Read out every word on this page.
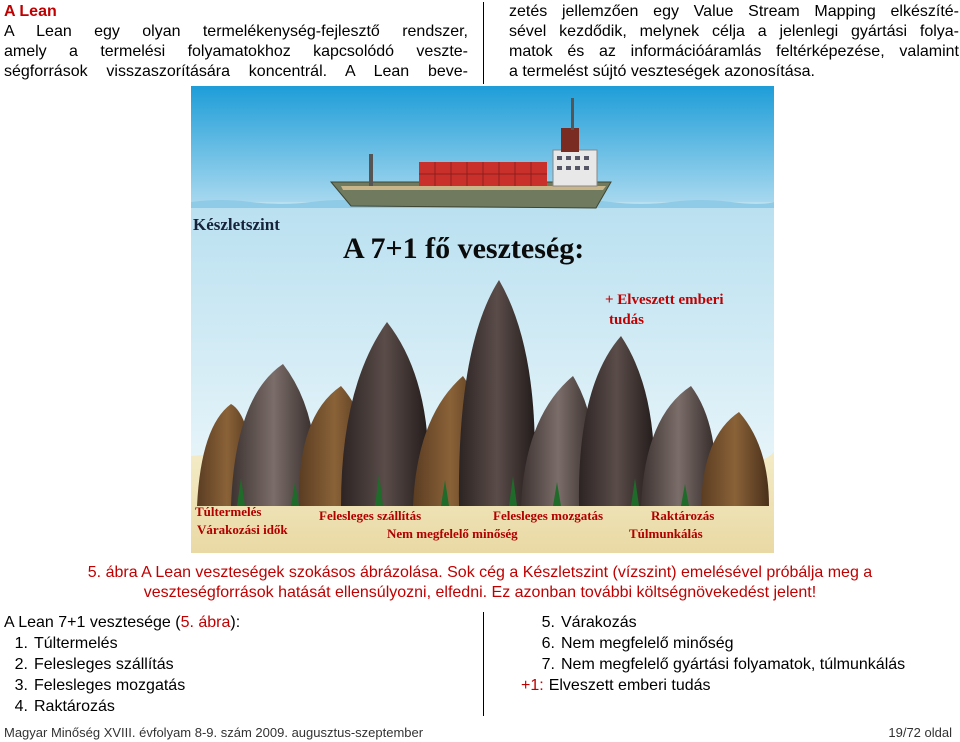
A Lean
A Lean egy olyan termelékenység-fejlesztő rendszer,
amely a termelési folyamatokhoz kapcsolódó veszte-
ségforrások visszaszorítására koncentrál. A Lean beve-
zetés jellemzően egy Value Stream Mapping elkészíté-
sével kezdődik, melynek célja a jelenlegi gyártási folya-
matok és az információáramlás feltérképezése, valamint
a termelést sújtó veszteségek azonosítása.
Készletszint
A 7+1 fő veszteség:
+ Elveszett emberi
tudás
Túltermelés
Várakozási idők
Felesleges szállítás
Nem megfelelő minőség
Felesleges mozgatás	Raktározás
Túlmunkálás
5. ábra A Lean veszteségek szokásos ábrázolása. Sok cég a Készletszint (vízszint) emelésével próbálja meg a
veszteségforrások hatását ellensúlyozni, elfedni. Ez azonban további költségnövekedést jelent!
A Lean 7+1 vesztesége (5. ábra):
1. Túltermelés
2. Felesleges szállítás
3. Felesleges mozgatás
4. Raktározás
5. Várakozás
6. Nem megfelelő minőség
7. Nem megfelelő gyártási folyamatok, túlmunkálás
+1: Elveszett emberi tudás
Magyar Minőség XVIII. évfolyam 8-9. szám 2009. augusztus-szeptember	19/72 oldal
